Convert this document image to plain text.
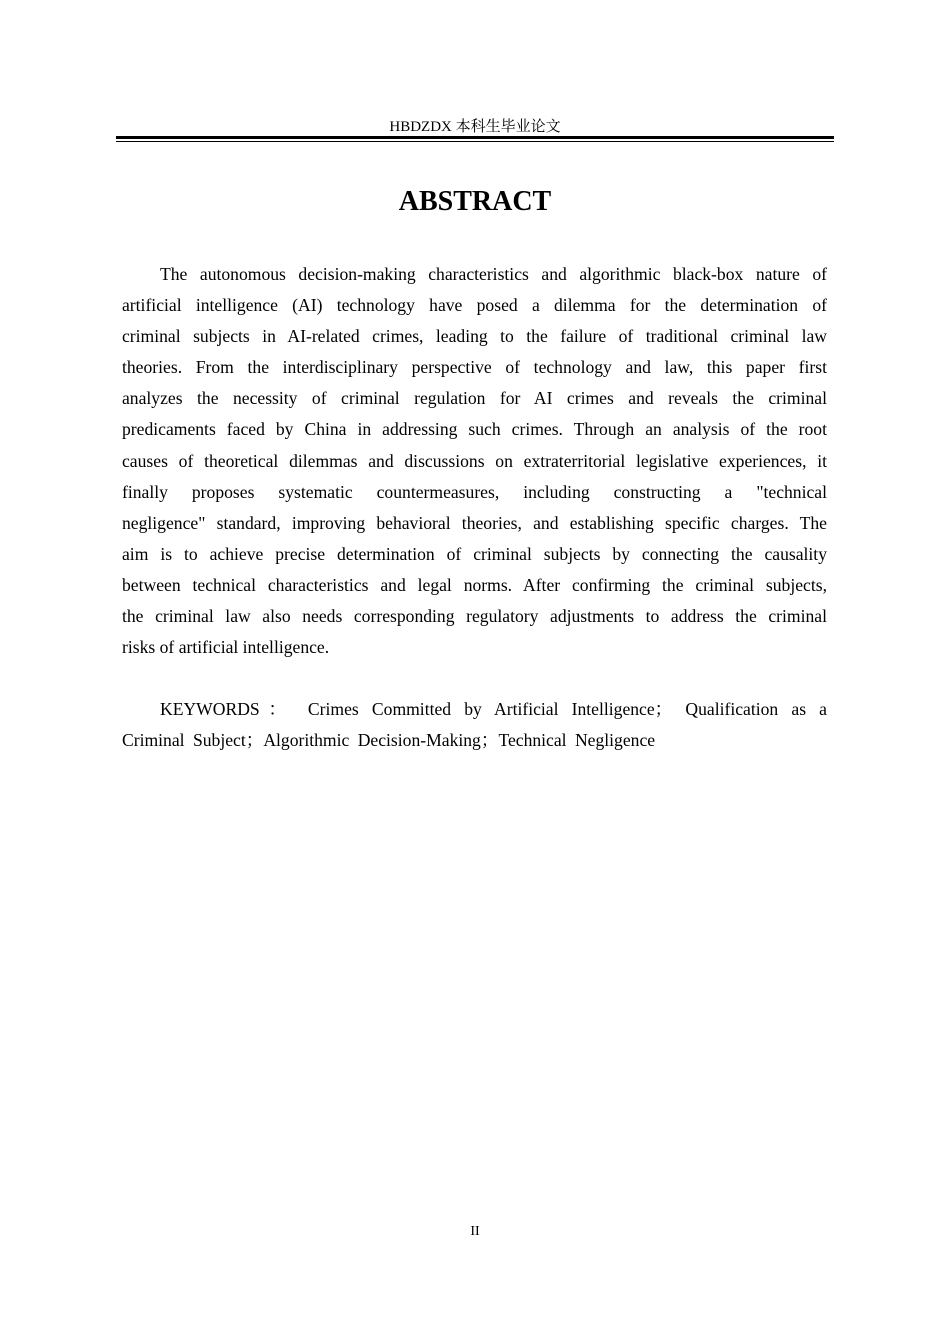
HBDZDX 本科生毕业论文
ABSTRACT
The autonomous decision-making characteristics and algorithmic black-box nature of
artificial intelligence (AI) technology have posed a dilemma for the determination of
criminal subjects in AI-related crimes, leading to the failure of traditional criminal law
theories. From the interdisciplinary perspective of technology and law, this paper first
analyzes the necessity of criminal regulation for AI crimes and reveals the criminal
predicaments faced by China in addressing such crimes. Through an analysis of the root
causes of theoretical dilemmas and discussions on extraterritorial legislative experiences, it
finally proposes systematic countermeasures, including constructing a "technical
negligence" standard, improving behavioral theories, and establishing specific charges. The
aim is to achieve precise determination of criminal subjects by connecting the causality
between technical characteristics and legal norms. After confirming the criminal subjects,
the criminal law also needs corresponding regulatory adjustments to address the criminal
risks of artificial intelligence.
KEYWORDS： Crimes Committed by Artificial Intelligence； Qualification as a
Criminal Subject；Algorithmic Decision-Making；Technical Negligence
II
